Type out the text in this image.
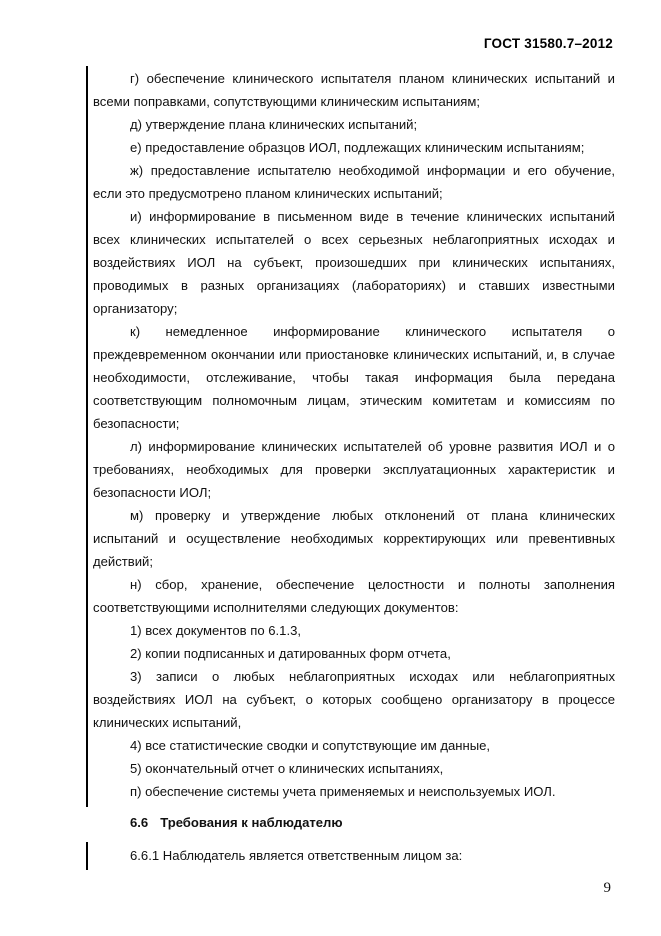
ГОСТ 31580.7–2012

г) обеспечение клинического испытателя планом клинических испытаний и всеми поправками, сопутствующими клиническим испытаниям;

д) утверждение плана клинических испытаний;

е) предоставление образцов ИОЛ, подлежащих клиническим испытаниям;

ж) предоставление испытателю необходимой информации и его обучение, если это предусмотрено планом клинических испытаний;

и) информирование в письменном виде в течение клинических испытаний всех клинических испытателей о всех серьезных неблагоприятных исходах и воздействиях ИОЛ на субъект, произошедших при клинических испытаниях, проводимых в разных организациях (лабораториях) и ставших известными организатору;

к) немедленное информирование клинического испытателя о преждевременном окончании или приостановке клинических испытаний, и, в случае необходимости, отслеживание, чтобы такая информация была передана соответствующим полномочным лицам, этическим комитетам и комиссиям по безопасности;

л) информирование клинических испытателей об уровне развития ИОЛ и о требованиях, необходимых для проверки эксплуатационных характеристик и безопасности ИОЛ;

м) проверку и утверждение любых отклонений от плана клинических испытаний и осуществление необходимых корректирующих или превентивных действий;

н) сбор, хранение, обеспечение целостности и полноты заполнения соответствующими исполнителями следующих документов:

1) всех документов по 6.1.3,

2) копии подписанных и датированных форм отчета,

3) записи о любых неблагоприятных исходах или неблагоприятных воздействиях ИОЛ на субъект, о которых сообщено организатору в процессе клинических испытаний,

4) все статистические сводки и сопутствующие им данные,

5) окончательный отчет о клинических испытаниях,

п) обеспечение системы учета применяемых и неиспользуемых ИОЛ.

6.6 Требования к наблюдателю

6.6.1 Наблюдатель является ответственным лицом за:

9
